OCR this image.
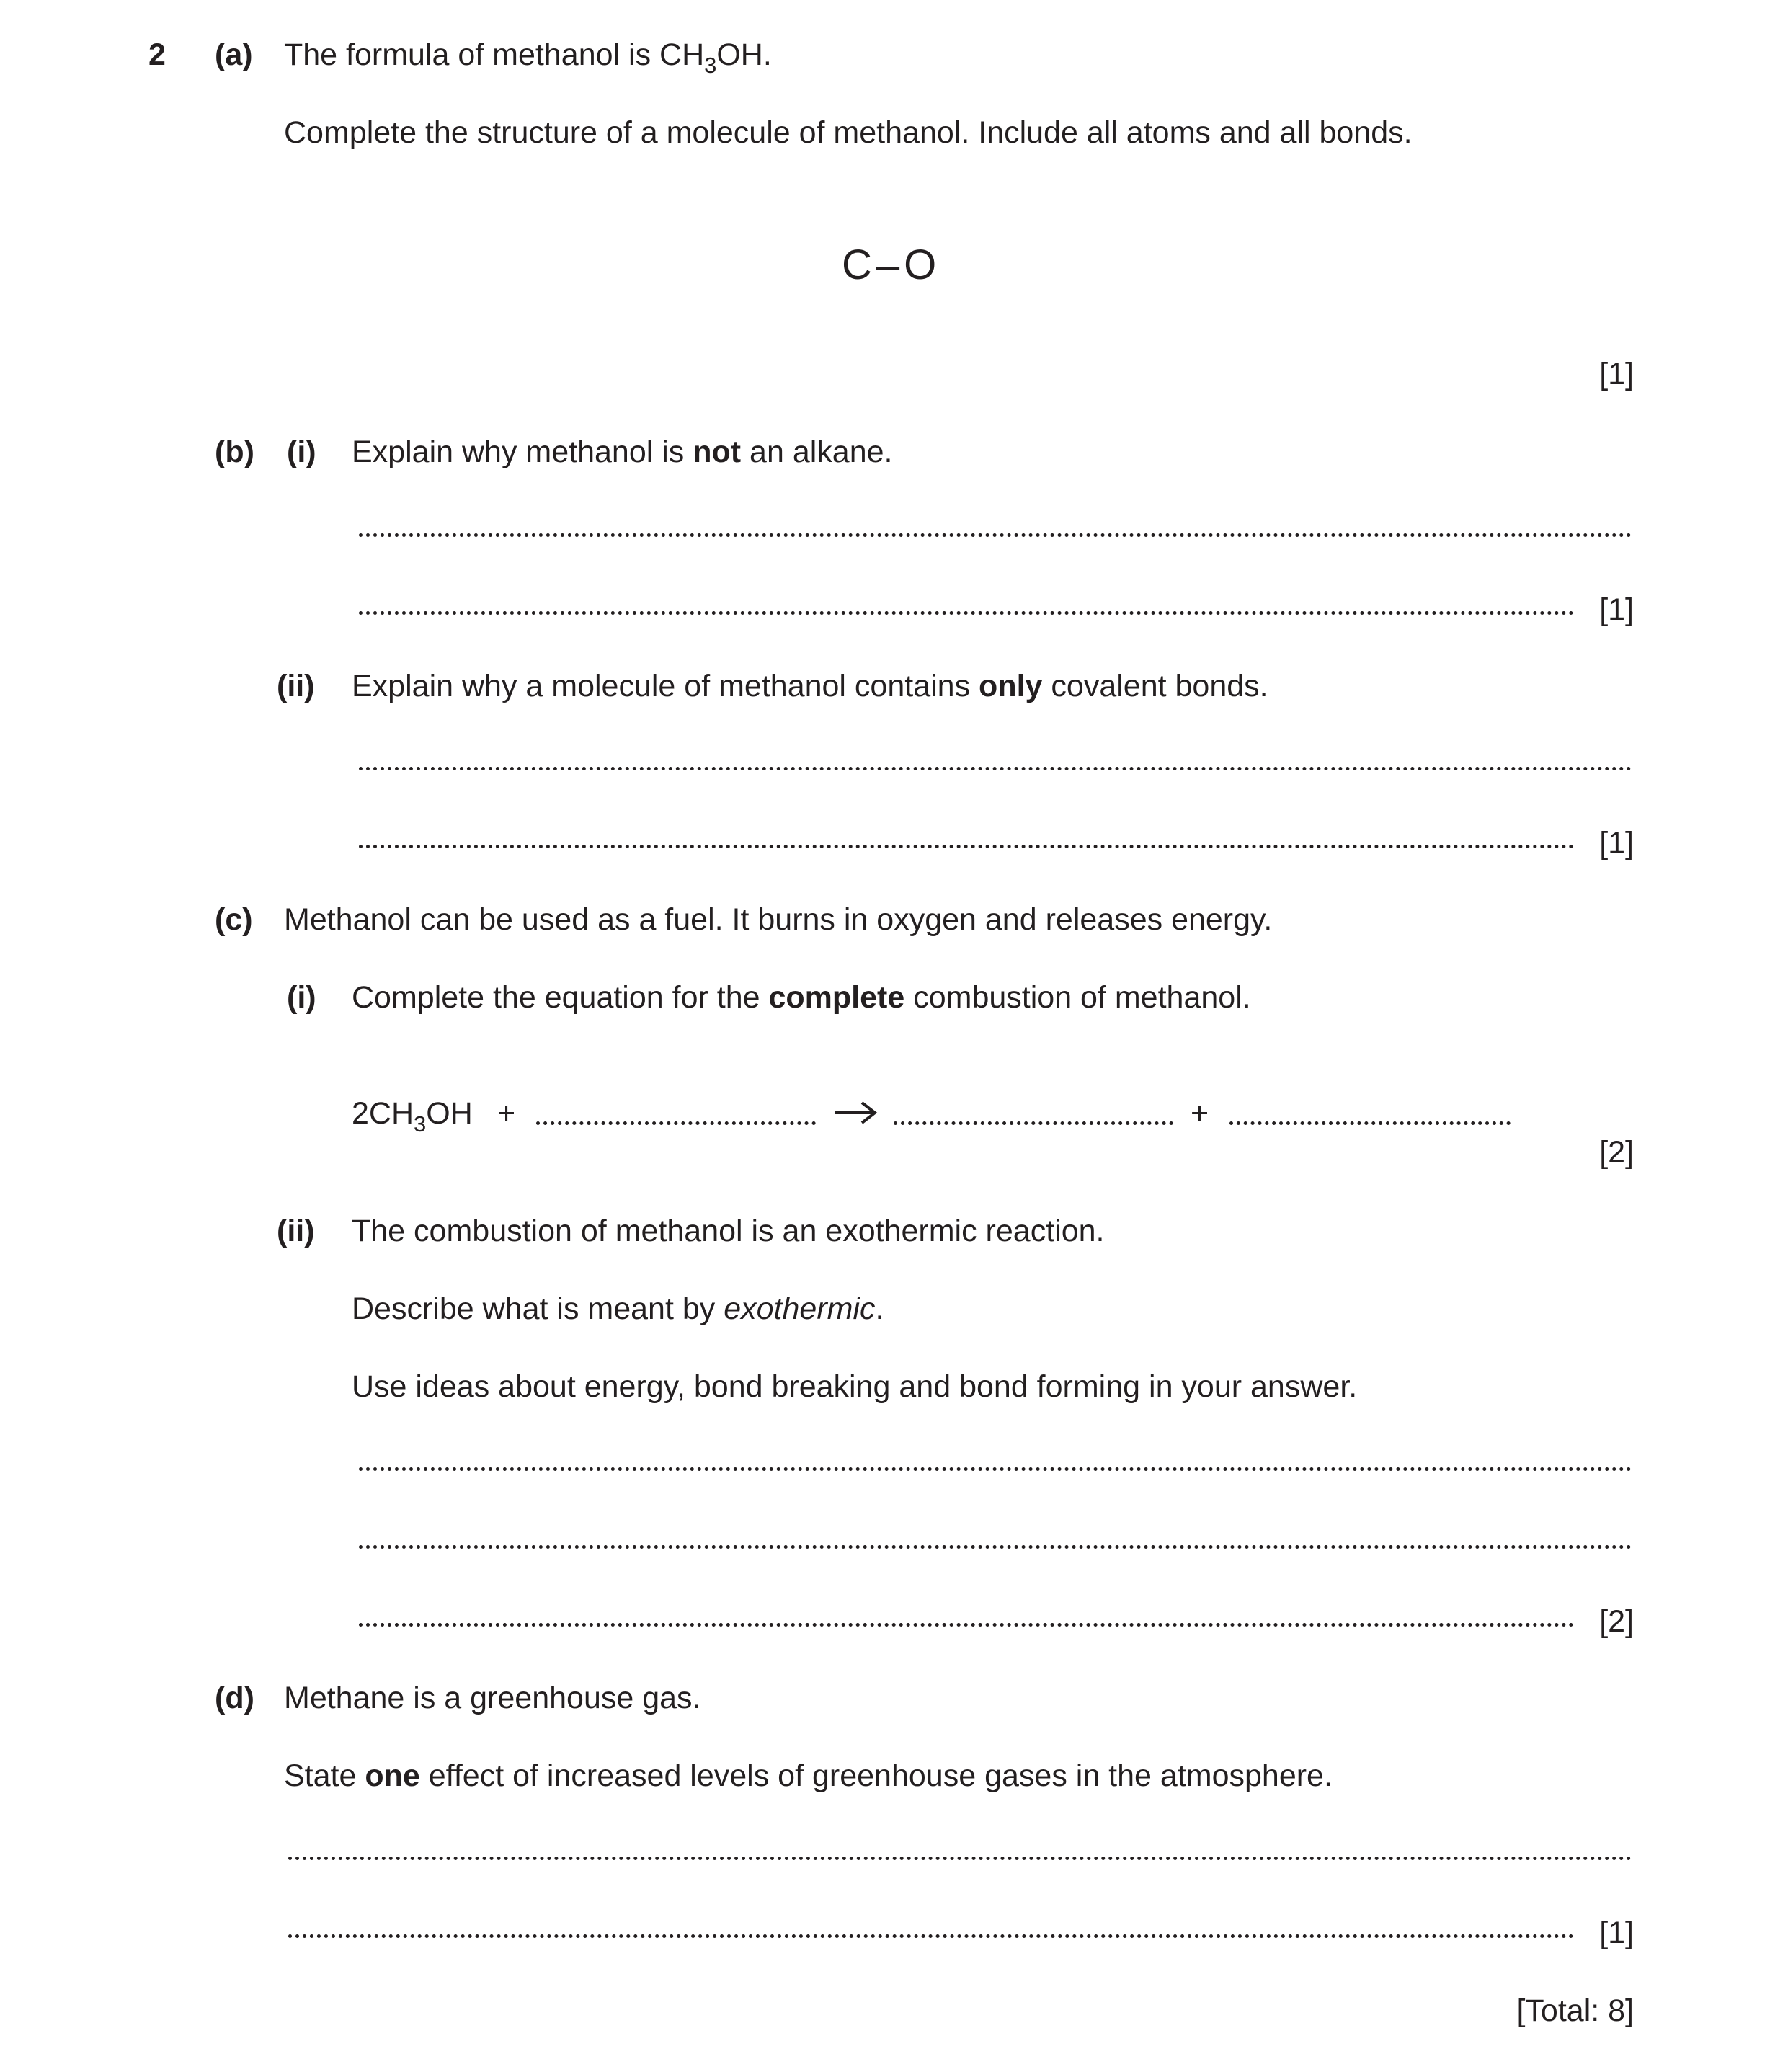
2 (a) The formula of methanol is $CH_3OH$.
Complete the structure of a molecule of methanol. Include all atoms and all bonds.
C–O
[1]
(b) (i) Explain why methanol is not an alkane.
[1]
(ii) Explain why a molecule of methanol contains only covalent bonds.
[1]
(c) Methanol can be used as a fuel. It burns in oxygen and releases energy.
(i) Complete the equation for the complete combustion of methanol.
$2CH_3OH$ +	+
[2]
(ii) The combustion of methanol is an exothermic reaction.
Describe what is meant by exothermic.
Use ideas about energy, bond breaking and bond forming in your answer.
[2]
(d) Methane is a greenhouse gas.
State one effect of increased levels of greenhouse gases in the atmosphere.
[1]
[Total: 8]
